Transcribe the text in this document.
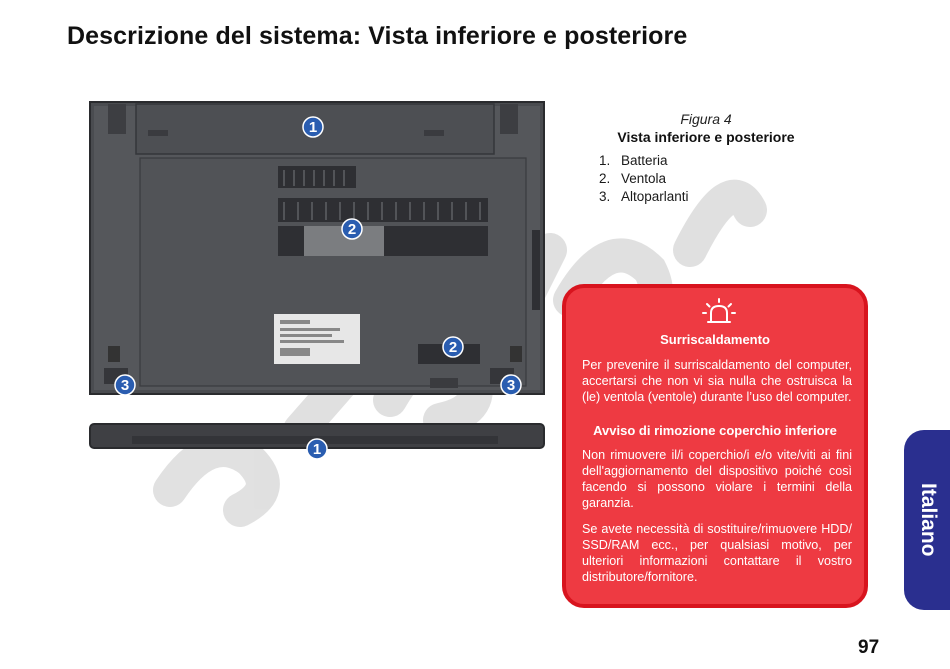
Descrizione del sistema: Vista inferiore e posteriore
1
2
2
3	3
1
Figura 4
Vista inferiore e posteriore
1. Batteria
2. Ventola
3. Altoparlanti
Surriscaldamento
Per prevenire il surriscaldamento del computer, accertarsi che non vi sia nulla che ostruisca la (le) ventola (ventole) durante l’uso del computer.
Avviso di rimozione coperchio inferiore
Non rimuovere il/i coperchio/i e/o vite/viti ai fini dell'aggiornamento del dispositivo poiché così facendo si possono violare i termini della garanzia.
Se avete necessità di sostituire/rimuovere HDD/ SSD/RAM ecc., per qualsiasi motivo, per ulteriori informazioni contattare il vostro distributore/fornitore.
Italiano
97
